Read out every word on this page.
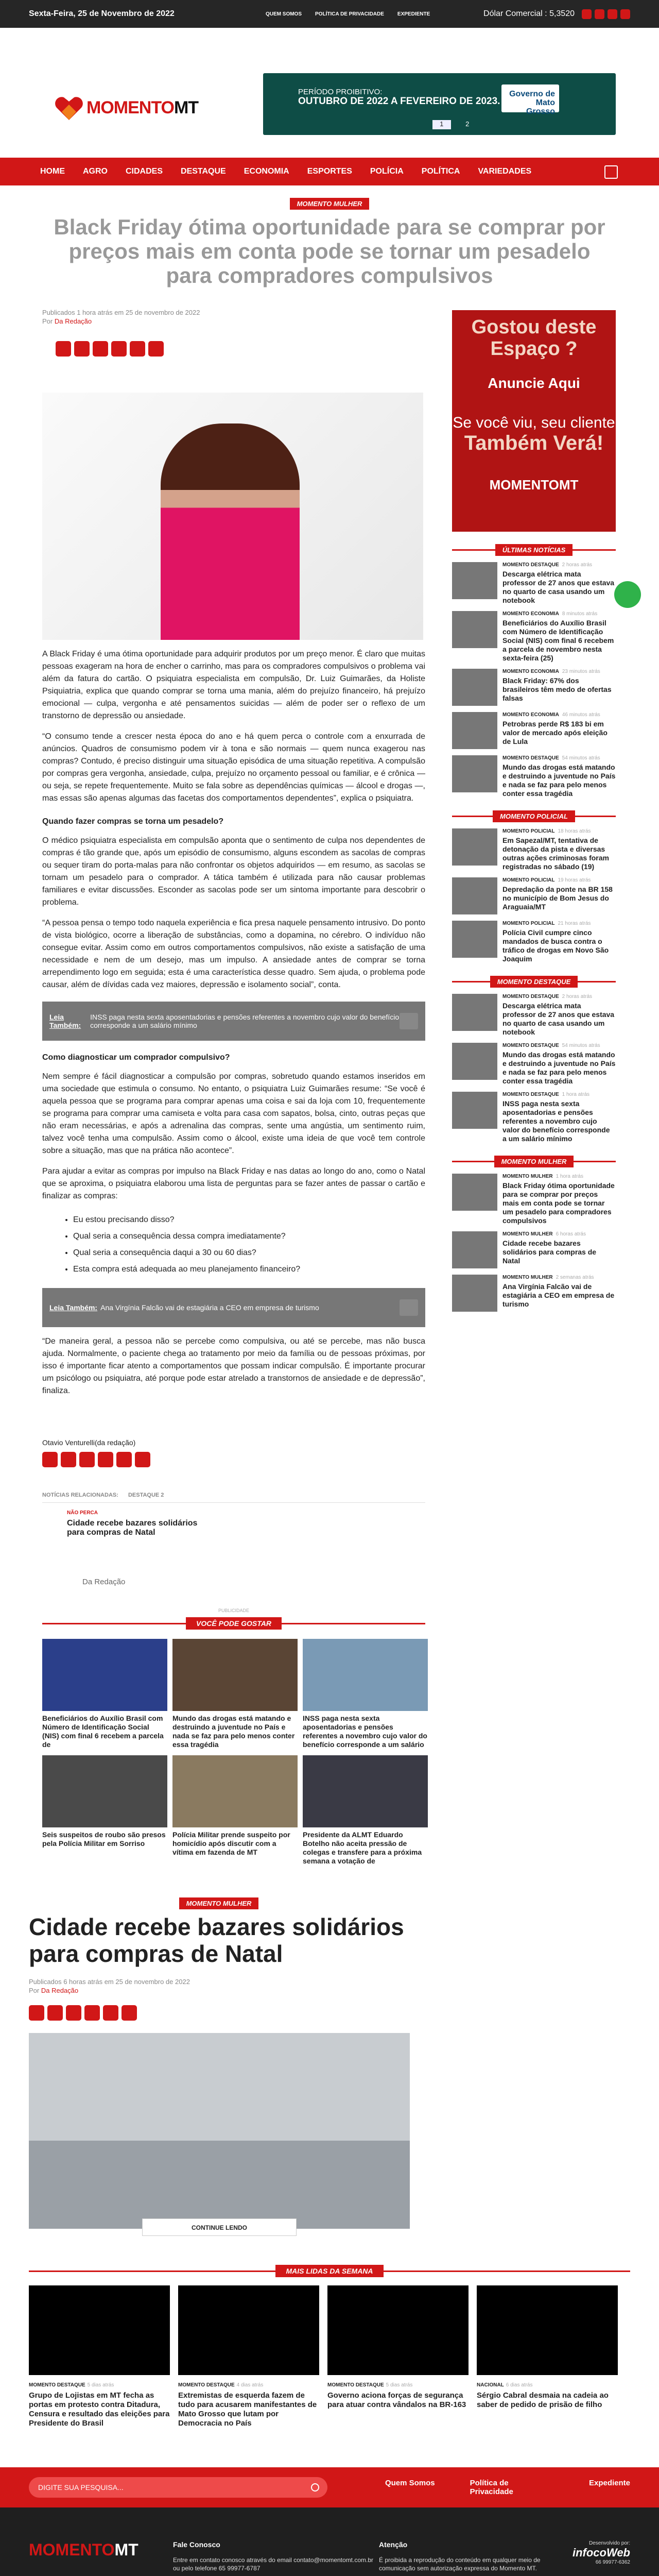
Sexta-Feira, 25 de Novembro de 2022	QUEM SOMOS	POLÍTICA DE PRIVACIDADE	EXPEDIENTE	Dólar Comercial : 5,3520
MOMENTOMT
PERÍODO PROIBITIVO:
OUTUBRO DE 2022 A FEVEREIRO DE 2023.
Governo de Mato Grosso
1	2
HOME AGRO CIDADES DESTAQUE ECONOMIA ESPORTES POLÍCIA POLÍTICA VARIEDADES
MOMENTO MULHER
Black Friday ótima oportunidade para se comprar por preços mais em conta pode se tornar um pesadelo para compradores compulsivos
Publicados 1 hora atrás em 25 de novembro de 2022
Por Da Redação

A Black Friday é uma ótima oportunidade para adquirir produtos por um preço menor. É claro que muitas pessoas exageram na hora de encher o carrinho, mas para os compradores compulsivos o problema vai além da fatura do cartão. O psiquiatra especialista em compulsão, Dr. Luiz Guimarães, da Holiste Psiquiatria, explica que quando comprar se torna uma mania, além do prejuízo financeiro, há prejuízo emocional — culpa, vergonha e até pensamentos suicidas — além de poder ser o reflexo de um transtorno de depressão ou ansiedade.

“O consumo tende a crescer nesta época do ano e há quem perca o controle com a enxurrada de anúncios. Quadros de consumismo podem vir à tona e são normais — quem nunca exagerou nas compras? Contudo, é preciso distinguir uma situação episódica de uma situação repetitiva. A compulsão por compras gera vergonha, ansiedade, culpa, prejuízo no orçamento pessoal ou familiar, e é crônica — ou seja, se repete frequentemente. Muito se fala sobre as dependências químicas — álcool e drogas —, mas essas são apenas algumas das facetas dos comportamentos dependentes”, explica o psiquiatra.

Quando fazer compras se torna um pesadelo?

O médico psiquiatra especialista em compulsão aponta que o sentimento de culpa nos dependentes de compras é tão grande que, após um episódio de consumismo, alguns escondem as sacolas de compras ou sequer tiram do porta-malas para não confrontar os objetos adquiridos — em resumo, as sacolas se tornam um pesadelo para o comprador. A tática também é utilizada para não causar problemas familiares e evitar discussões. Esconder as sacolas pode ser um sintoma importante para descobrir o problema.

“A pessoa pensa o tempo todo naquela experiência e fica presa naquele pensamento intrusivo. Do ponto de vista biológico, ocorre a liberação de substâncias, como a dopamina, no cérebro. O indivíduo não consegue evitar. Assim como em outros comportamentos compulsivos, não existe a satisfação de uma necessidade e nem de um desejo, mas um impulso. A ansiedade antes de comprar se torna arrependimento logo em seguida; esta é uma característica desse quadro. Sem ajuda, o problema pode causar, além de dívidas cada vez maiores, depressão e isolamento social”, conta.

Leia Também:
INSS paga nesta sexta aposentadorias e pensões referentes a novembro cujo valor do benefício corresponde a um salário mínimo

Como diagnosticar um comprador compulsivo?

Nem sempre é fácil diagnosticar a compulsão por compras, sobretudo quando estamos inseridos em uma sociedade que estimula o consumo. No entanto, o psiquiatra Luiz Guimarães resume: “Se você é aquela pessoa que se programa para comprar apenas uma coisa e sai da loja com 10, frequentemente se programa para comprar uma camiseta e volta para casa com sapatos, bolsa, cinto, outras peças que não eram necessárias, e após a adrenalina das compras, sente uma angústia, um sentimento ruim, talvez você tenha uma compulsão. Assim como o álcool, existe uma ideia de que você tem controle sobre a situação, mas que na prática não acontece”.

Para ajudar a evitar as compras por impulso na Black Friday e nas datas ao longo do ano, como o Natal que se aproxima, o psiquiatra elaborou uma lista de perguntas para se fazer antes de passar o cartão e finalizar as compras:

• Eu estou precisando disso?
• Qual seria a consequência dessa compra imediatamente?
• Qual seria a consequência daqui a 30 ou 60 dias?
• Esta compra está adequada ao meu planejamento financeiro?
Leia Também: Ana Virgínia Falcão vai de estagiária a CEO em empresa de turismo

“De maneira geral, a pessoa não se percebe como compulsiva, ou até se percebe, mas não busca ajuda. Normalmente, o paciente chega ao tratamento por meio da família ou de pessoas próximas, por isso é importante ficar atento a comportamentos que possam indicar compulsão. É importante procurar um psicólogo ou psiquiatra, até porque pode estar atrelado a transtornos de ansiedade e de depressão”, finaliza.

Otavio Venturelli(da redação)

NOTÍCIAS RELACIONADAS: DESTAQUE 2
NÃO PERCA
Cidade recebe bazares solidários para compras de Natal
Da Redação
PUBLICIDADE
VOCÊ PODE GOSTAR
Beneficiários do Auxílio Brasil com Número de Identificação Social (NIS) com final 6 recebem a parcela de
Mundo das drogas está matando e destruindo a juventude no País e nada se faz para pelo menos conter essa tragédia
INSS paga nesta sexta aposentadorias e pensões referentes a novembro cujo valor do benefício corresponde a um salário
Seis suspeitos de roubo são presos pela Polícia Militar em Sorriso
Polícia Militar prende suspeito por homicídio após discutir com a vítima em fazenda de MT
Presidente da ALMT Eduardo Botelho não aceita pressão de colegas e transfere para a próxima semana a votação de
Gostou deste Espaço ?
Anuncie Aqui
Se você viu, seu cliente
Também Verá!
MOMENTOMT
ÚLTIMAS NOTÍCIAS
MOMENTO DESTAQUE 2 horas atrás
Descarga elétrica mata professor de 27 anos que estava no quarto de casa usando um notebook
MOMENTO ECONOMIA 8 minutos atrás
Beneficiários do Auxílio Brasil com Número de Identificação Social (NIS) com final 6 recebem a parcela de novembro nesta sexta-feira (25)
MOMENTO ECONOMIA 23 minutos atrás
Black Friday: 67% dos brasileiros têm medo de ofertas falsas
MOMENTO ECONOMIA 46 minutos atrás
Petrobras perde R$ 183 bi em valor de mercado após eleição de Lula
MOMENTO DESTAQUE 54 minutos atrás
Mundo das drogas está matando e destruindo a juventude no País e nada se faz para pelo menos conter essa tragédia
MOMENTO POLICIAL
MOMENTO POLICIAL 18 horas atrás
Em Sapezal/MT, tentativa de detonação da pista e diversas outras ações criminosas foram registradas no sábado (19)
MOMENTO POLICIAL 19 horas atrás
Depredação da ponte na BR 158 no município de Bom Jesus do Araguaia/MT
MOMENTO POLICIAL 21 horas atrás
Polícia Civil cumpre cinco mandados de busca contra o tráfico de drogas em Novo São Joaquim
MOMENTO DESTAQUE
MOMENTO DESTAQUE 2 horas atrás
Descarga elétrica mata professor de 27 anos que estava no quarto de casa usando um notebook
MOMENTO DESTAQUE 54 minutos atrás
Mundo das drogas está matando e destruindo a juventude no País e nada se faz para pelo menos conter essa tragédia
MOMENTO DESTAQUE 1 hora atrás
INSS paga nesta sexta aposentadorias e pensões referentes a novembro cujo valor do benefício corresponde a um salário mínimo
MOMENTO MULHER
MOMENTO MULHER 1 hora atrás
Black Friday ótima oportunidade para se comprar por preços mais em conta pode se tornar um pesadelo para compradores compulsivos
MOMENTO MULHER 6 horas atrás
Cidade recebe bazares solidários para compras de Natal
MOMENTO MULHER 2 semanas atrás
Ana Virgínia Falcão vai de estagiária a CEO em empresa de turismo
MOMENTO MULHER
Cidade recebe bazares solidários para compras de Natal
Publicados 6 horas atrás em 25 de novembro de 2022
Por Da Redação
CONTINUE LENDO
MAIS LIDAS DA SEMANA
MOMENTO DESTAQUE 5 dias atrás
Grupo de Lojistas em MT fecha as portas em protesto contra Ditadura, Censura e resultado das eleições para Presidente do Brasil
MOMENTO DESTAQUE 4 dias atrás
Extremistas de esquerda fazem de tudo para acusarem manifestantes de Mato Grosso que lutam por Democracia no País
MOMENTO DESTAQUE 5 dias atrás
Governo aciona forças de segurança para atuar contra vândalos na BR-163
NACIONAL 6 dias atrás
Sérgio Cabral desmaia na cadeia ao saber de pedido de prisão de filho
DIGITE SUA PESQUISA...	Quem Somos	Política de Privacidade
Expediente
MOMENTOMT	Fale Conosco

Entre em contato conosco através do email contato@momentomt.com.br ou pelo telefone 65 99977-6787

Atenção

É proibida a reprodução do conteúdo em qualquer meio de comunicação sem autorização expressa do Momento MT.

Desenvolvido por:
infocoWeb
66 99977-6362
